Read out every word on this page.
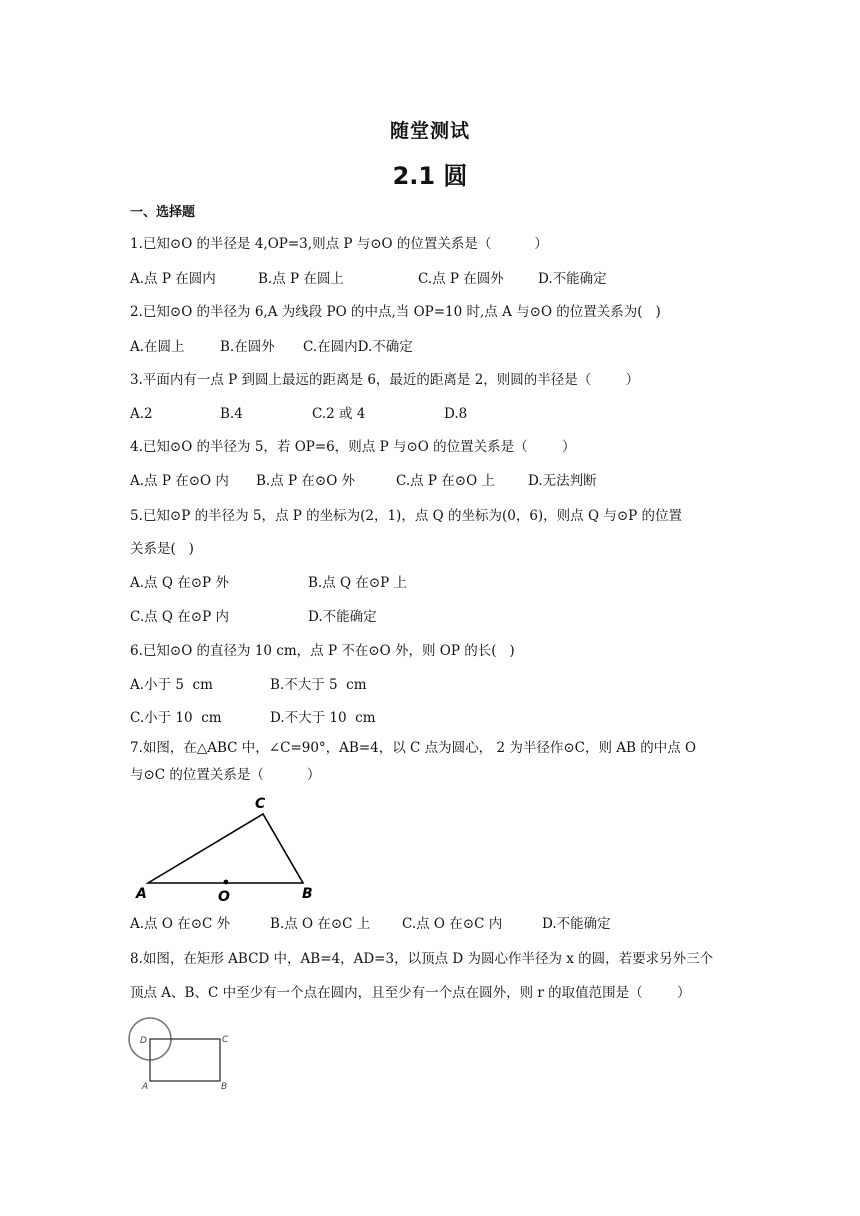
随堂测试
2.1 圆
一、选择题
1.已知⊙O 的半径是 4,OP=3,则点 P 与⊙O 的位置关系是（          ）
A.点 P 在圆内	B.点 P 在圆上	C.点 P 在圆外	D.不能确定
2.已知⊙O 的半径为 6,A 为线段 PO 的中点,当 OP=10 时,点 A 与⊙O 的位置关系为(   )
A.在圆上	B.在圆外 C.在圆内D.不确定
3.平面内有一点 P 到圆上最远的距离是 6，最近的距离是 2，则圆的半径是（        ）
A.2	B.4	C.2 或 4	D.8
4.已知⊙O 的半径为 5，若 OP=6，则点 P 与⊙O 的位置关系是（        ）
A.点 P 在⊙O 内 B.点 P 在⊙O 外	C.点 P 在⊙O 上 D.无法判断
5.已知⊙P 的半径为 5，点 P 的坐标为(2，1)，点 Q 的坐标为(0，6)，则点 Q 与⊙P 的位置
关系是(   )
A.点 Q 在⊙P 外	B.点 Q 在⊙P 上
C.点 Q 在⊙P 内	D.不能确定
6.已知⊙O 的直径为 10 cm，点 P 不在⊙O 外，则 OP 的长(   )
A.小于 5  cm	B.不大于 5  cm
C.小于 10  cm	D.不大于 10  cm
7.如图，在△ABC 中，∠C=90°，AB=4，以 C 点为圆心， 2 为半径作⊙C，则 AB 的中点 O
与⊙C 的位置关系是（          ）
C
A	O	B
A.点 O 在⊙C 外	B.点 O 在⊙C 上 C.点 O 在⊙C 内	D.不能确定
8.如图，在矩形 ABCD 中，AB=4，AD=3，以顶点 D 为圆心作半径为 x 的圆，若要求另外三个
顶点 A、B、C 中至少有一个点在圆内，且至少有一个点在圆外，则 r 的取值范围是（        ）
D	C
A	B
